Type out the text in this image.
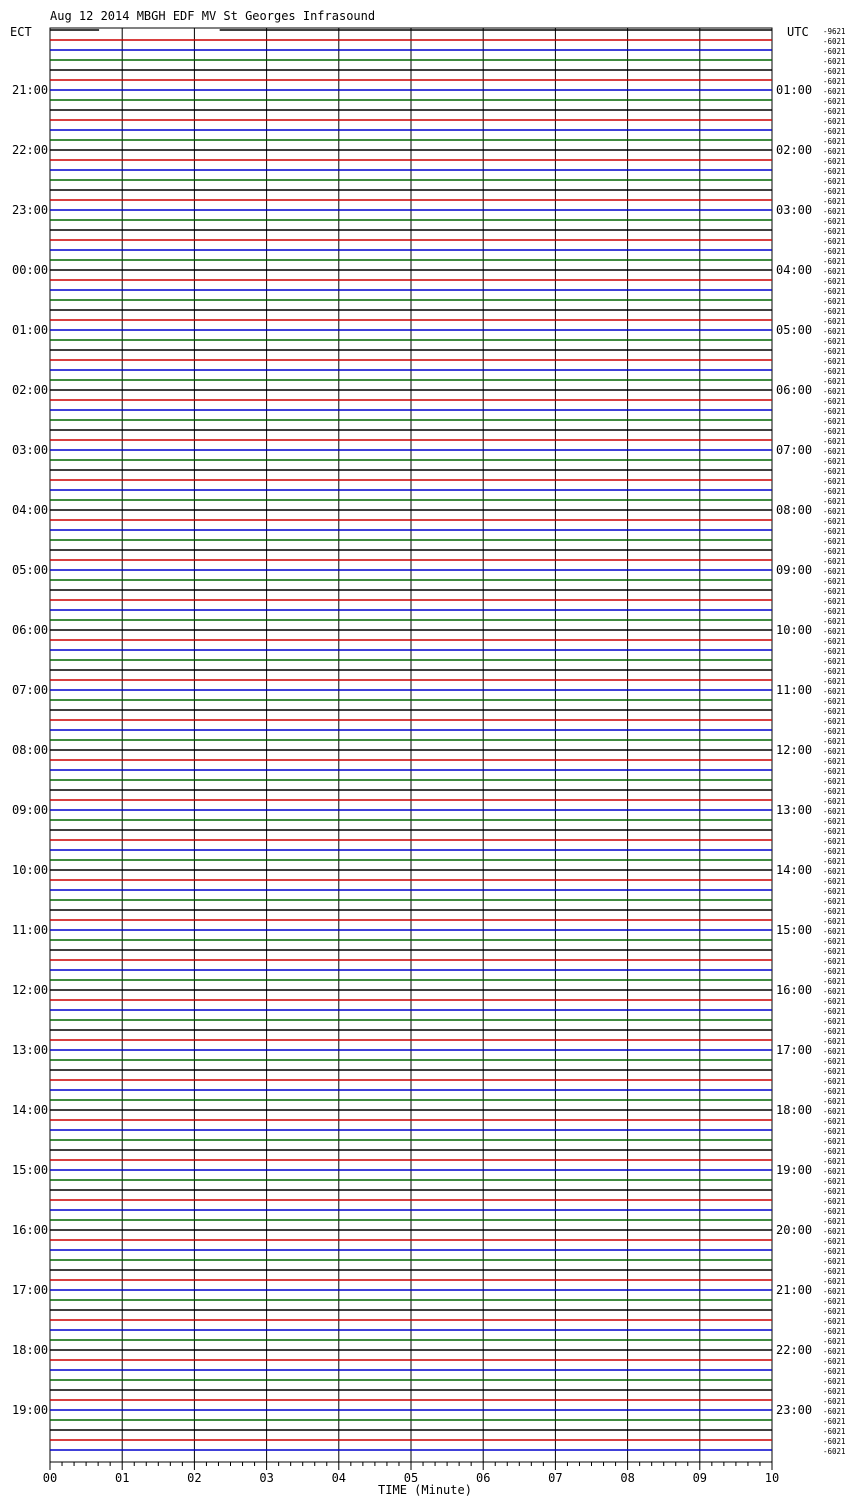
Aug 12 2014 MBGH EDF MV St Georges Infrasound
ECT	UTC
21:00
22:00
23:00
00:00
01:00
02:00
03:00
04:00
05:00
06:00
07:00
08:00
09:00
10:00
11:00
12:00
13:00
14:00
15:00
16:00
17:00
18:00
19:00
01:00
02:00
03:00
04:00
05:00
06:00
07:00
08:00
09:00
10:00
11:00
12:00
13:00
14:00
15:00
16:00
17:00
18:00
19:00
20:00
21:00
22:00
23:00
-9621
-6021
-6021
-6021
-6021
-6021
-6021
-6021
-6021
-6021
-6021
-6021
-6021
-6021
-6021
-6021
-6021
-6021
-6021
-6021
-6021
-6021
-6021
-6021
-6021
-6021
-6021
-6021
-6021
-6021
-6021
-6021
-6021
-6021
-6021
-6021
-6021
-6021
-6021
-6021
-6021
-6021
-6021
-6021
-6021
-6021
-6021
-6021
-6021
-6021
-6021
-6021
-6021
-6021
-6021
-6021
-6021
-6021
-6021
-6021
-6021
-6021
-6021
-6021
-6021
-6021
-6021
-6021
-6021
-6021
-6021
-6021
-6021
-6021
-6021
-6021
-6021
-6021
-6021
-6021
-6021
-6021
-6021
-6021
-6021
-6021
-6021
-6021
-6021
-6021
-6021
-6021
-6021
-6021
-6021
-6021
-6021
-6021
-6021
-6021
-6021
-6021
-6021
-6021
-6021
-6021
-6021
-6021
-6021
-6021
-6021
-6021
-6021
-6021
-6021
-6021
-6021
-6021
-6021
-6021
-6021
-6021
-6021
-6021
-6021
-6021
-6021
-6021
-6021
-6021
-6021
-6021
-6021
-6021
-6021
-6021
-6021
-6021
-6021
-6021
-6021
-6021
-6021
00	01	02	03	04	05	06	07	08	09	10
TIME (Minute)
